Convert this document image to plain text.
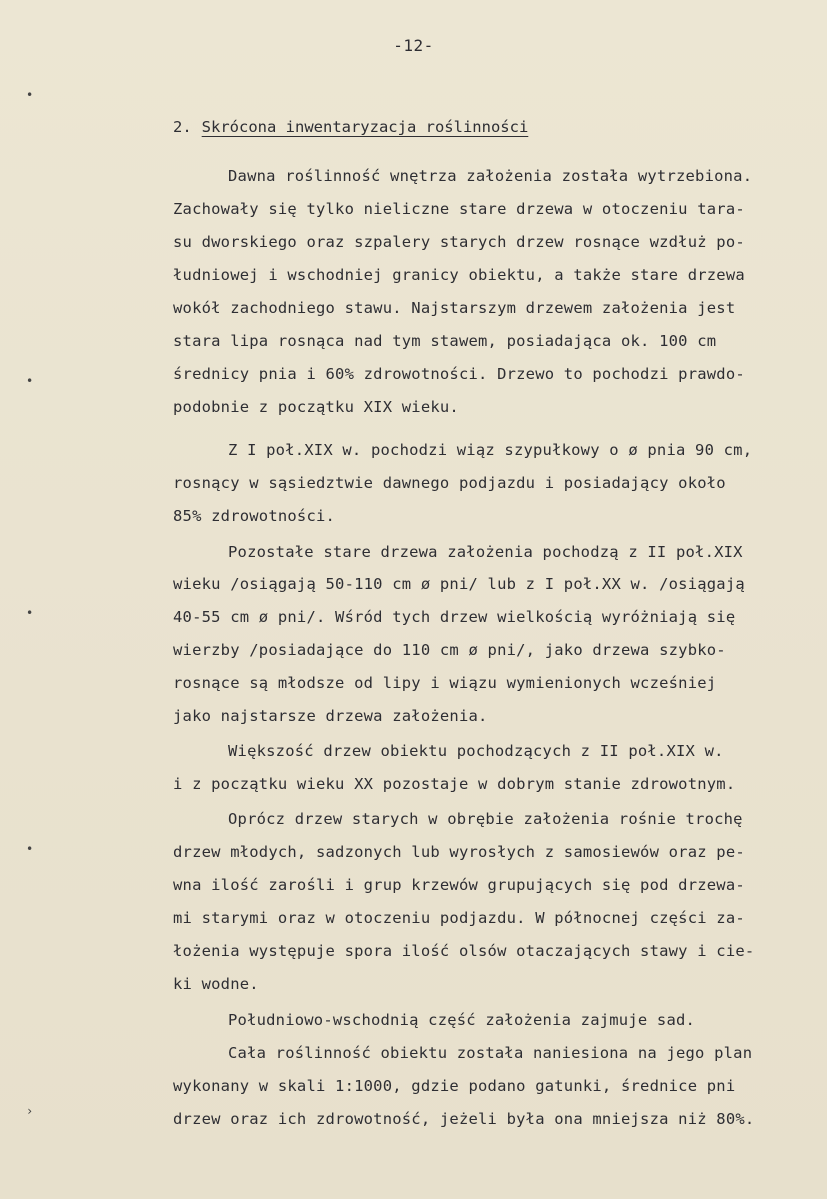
-12-
2. Skrócona inwentaryzacja roślinności
Dawna roślinność wnętrza założenia została wytrzebiona.
Zachowały się tylko nieliczne stare drzewa w otoczeniu tara-
su dworskiego oraz szpalery starych drzew rosnące wzdłuż po-
łudniowej i wschodniej granicy obiektu, a także stare drzewa
wokół zachodniego stawu. Najstarszym drzewem założenia jest
stara lipa rosnąca nad tym stawem, posiadająca ok. 100 cm
średnicy pnia i 60% zdrowotności. Drzewo to pochodzi prawdo-
podobnie z początku XIX wieku.
Z I poł.XIX w. pochodzi wiąz szypułkowy o ø pnia 90 cm,
rosnący w sąsiedztwie dawnego podjazdu i posiadający około
85% zdrowotności.
Pozostałe stare drzewa założenia pochodzą z II poł.XIX
wieku /osiągają 50-110 cm ø pni/ lub z I poł.XX w. /osiągają
40-55 cm ø pni/. Wśród tych drzew wielkością wyróżniają się
wierzby /posiadające do 110 cm ø pni/, jako drzewa szybko-
rosnące są młodsze od lipy i wiązu wymienionych wcześniej
jako najstarsze drzewa założenia.
Większość drzew obiektu pochodzących z II poł.XIX w.
i z początku wieku XX pozostaje w dobrym stanie zdrowotnym.
Oprócz drzew starych w obrębie założenia rośnie trochę
drzew młodych, sadzonych lub wyrosłych z samosiewów oraz pe-
wna ilość zarośli i grup krzewów grupujących się pod drzewa-
mi starymi oraz w otoczeniu podjazdu. W północnej części za-
łożenia występuje spora ilość olsów otaczających stawy i cie-
ki wodne.
Południowo-wschodnią część założenia zajmuje sad.
Cała roślinność obiektu została naniesiona na jego plan
wykonany w skali 1:1000, gdzie podano gatunki, średnice pni
drzew oraz ich zdrowotność, jeżeli była ona mniejsza niż 80%.
•
•
•
•
›
